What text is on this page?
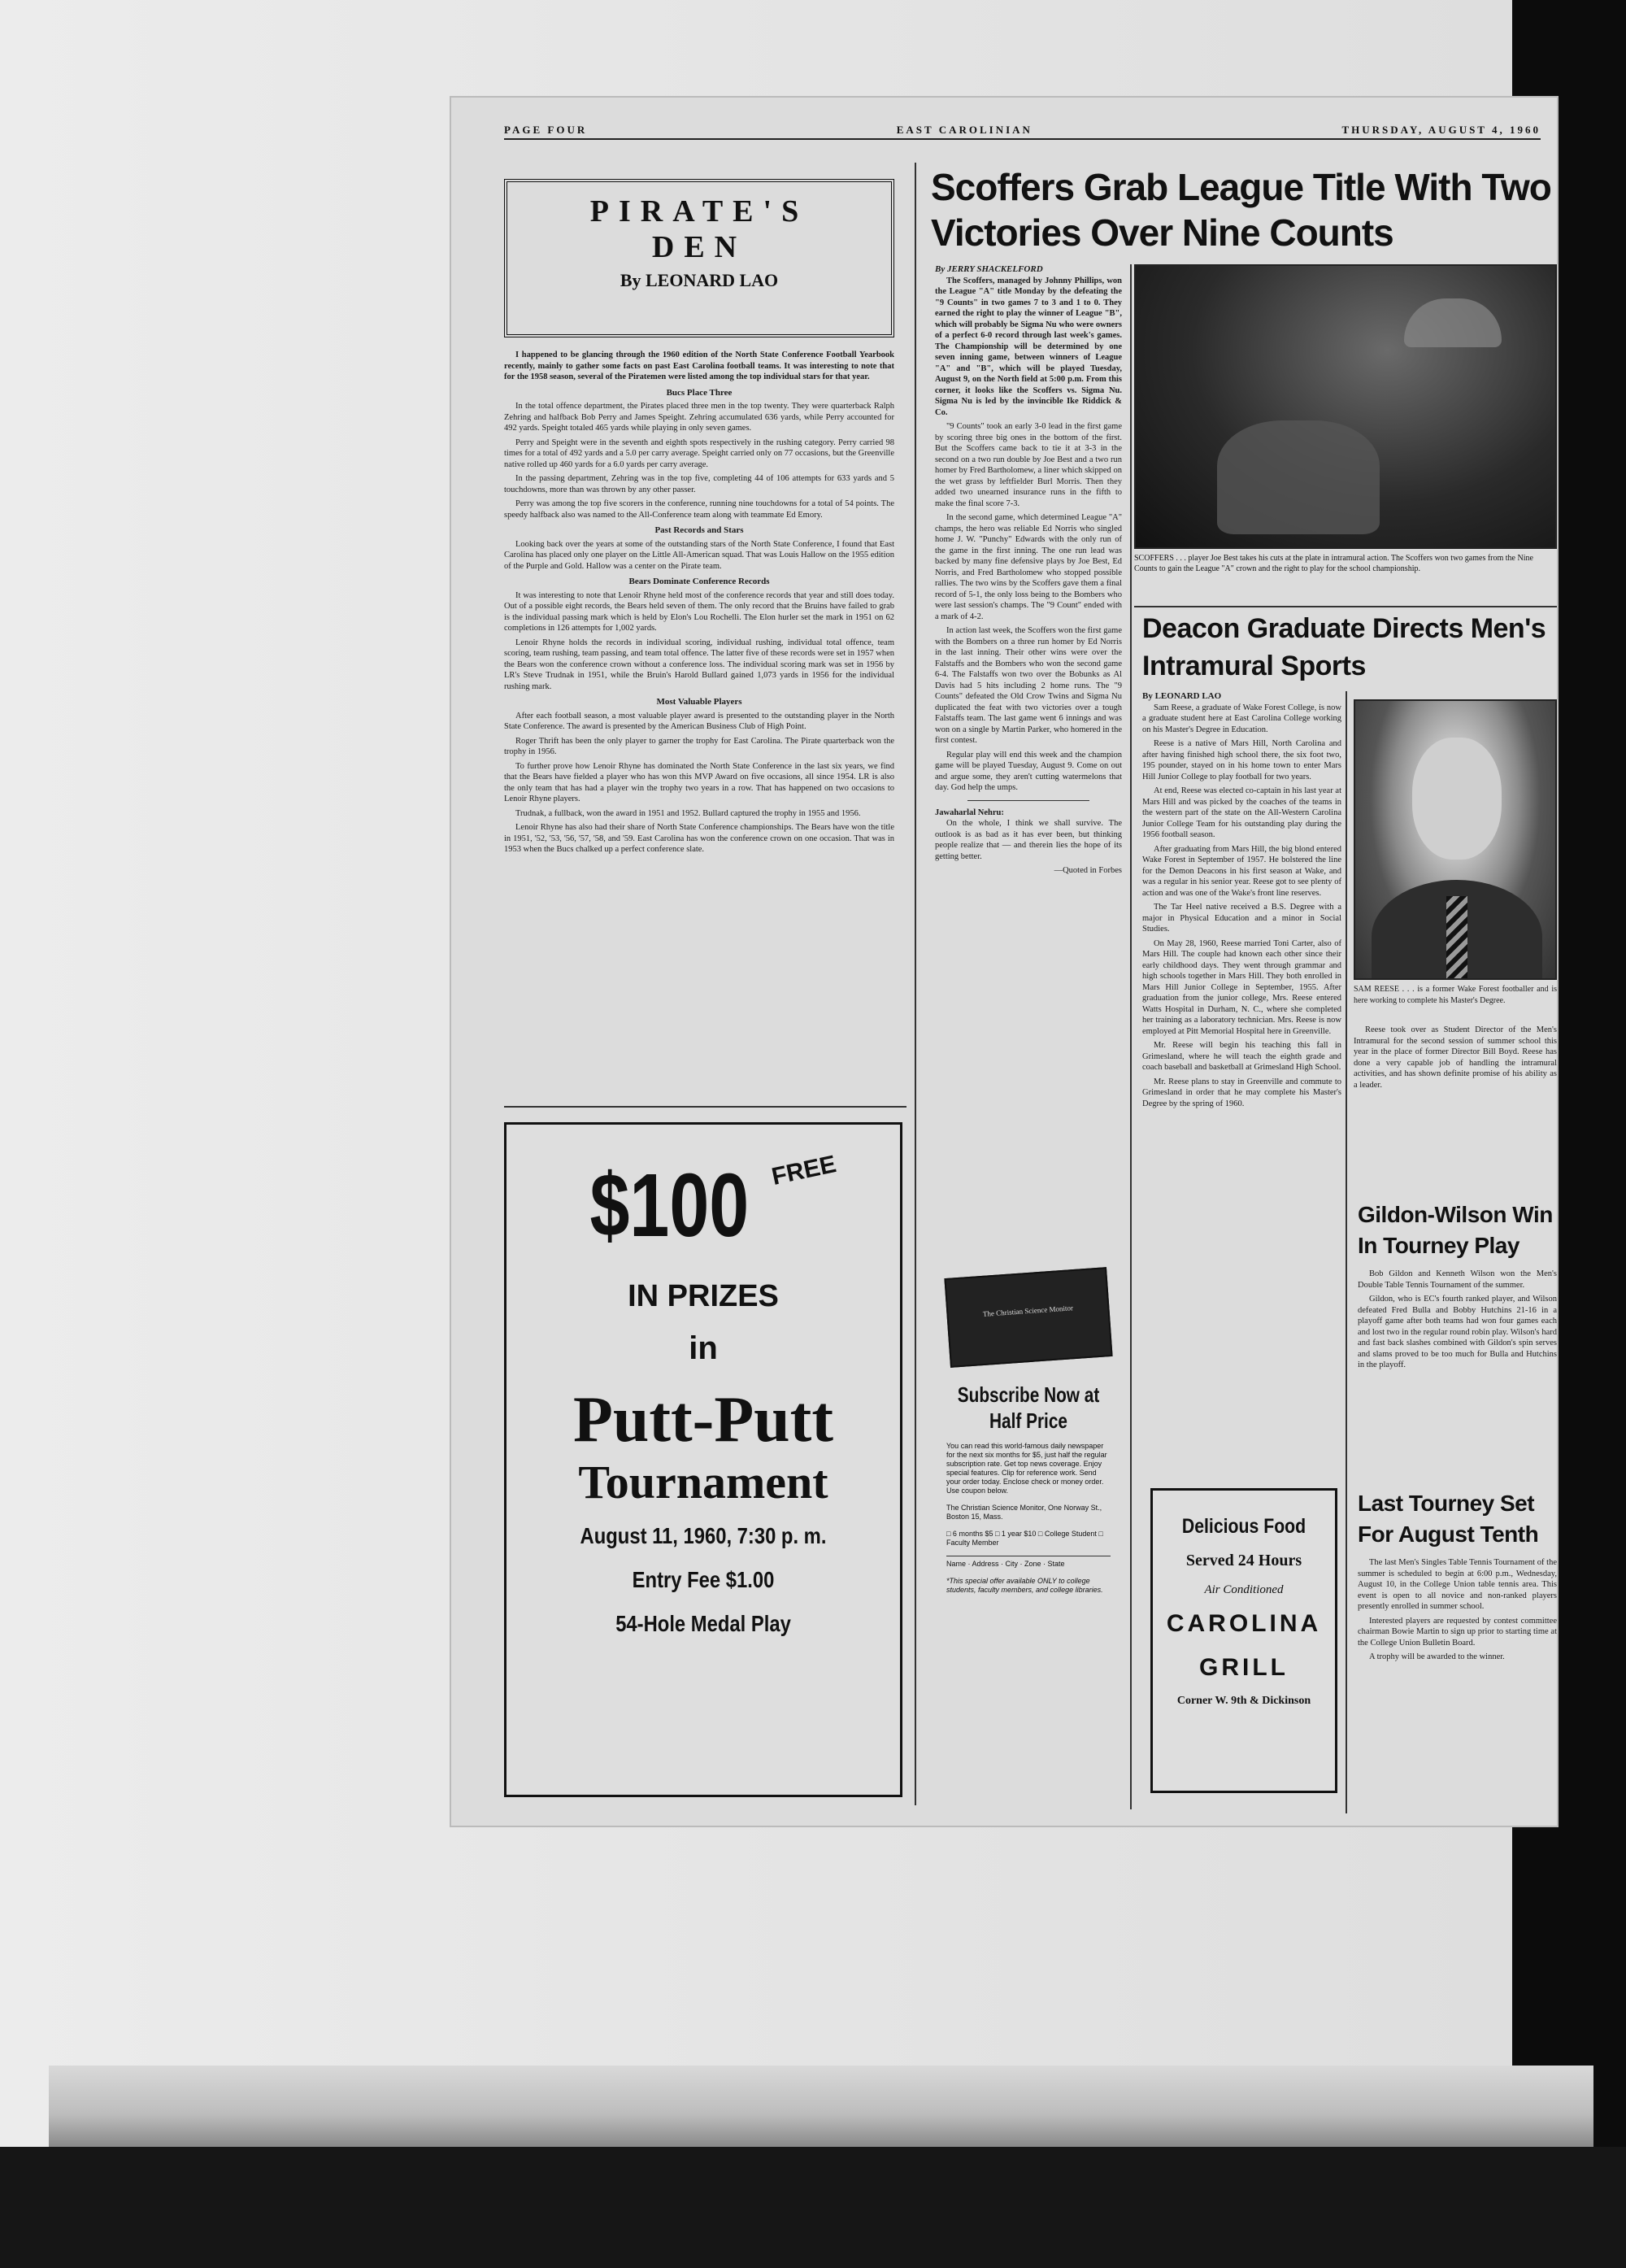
PAGE FOUR	EAST CAROLINIAN	THURSDAY, AUGUST 4, 1960
PIRATE'S
DEN
By LEONARD LAO

I happened to be glancing through the 1960 edition of the North State Conference Football Yearbook recently, mainly to gather some facts on past East Carolina football teams. It was interesting to note that for the 1958 season, several of the Piratemen were listed among the top individual stars for that year.

Bucs Place Three

In the total offence department, the Pirates placed three men in the top twenty. They were quarterback Ralph Zehring and halfback Bob Perry and James Speight. Zehring accumulated 636 yards, while Perry accounted for 492 yards. Speight totaled 465 yards while playing in only seven games.

Perry and Speight were in the seventh and eighth spots respectively in the rushing category. Perry carried 98 times for a total of 492 yards and a 5.0 per carry average. Speight carried only on 77 occasions, but the Greenville native rolled up 460 yards for a 6.0 yards per carry average.

In the passing department, Zehring was in the top five, completing 44 of 106 attempts for 633 yards and 5 touchdowns, more than was thrown by any other passer.

Perry was among the top five scorers in the conference, running nine touchdowns for a total of 54 points. The speedy halfback also was named to the All-Conference team along with teammate Ed Emory.

Past Records and Stars

Looking back over the years at some of the outstanding stars of the North State Conference, I found that East Carolina has placed only one player on the Little All-American squad. That was Louis Hallow on the 1955 edition of the Purple and Gold. Hallow was a center on the Pirate team.

Bears Dominate Conference Records

It was interesting to note that Lenoir Rhyne held most of the conference records that year and still does today. Out of a possible eight records, the Bears held seven of them. The only record that the Bruins have failed to grab is the individual passing mark which is held by Elon's Lou Rochelli. The Elon hurler set the mark in 1951 on 62 completions in 126 attempts for 1,002 yards.

Lenoir Rhyne holds the records in individual scoring, individual rushing, individual total offence, team scoring, team rushing, team passing, and team total offence. The latter five of these records were set in 1957 when the Bears won the conference crown without a conference loss. The individual scoring mark was set in 1956 by LR's Steve Trudnak in 1951, while the Bruin's Harold Bullard gained 1,073 yards in 1956 for the individual rushing mark.

Most Valuable Players

After each football season, a most valuable player award is presented to the outstanding player in the North State Conference. The award is presented by the American Business Club of High Point.

Roger Thrift has been the only player to garner the trophy for East Carolina. The Pirate quarterback won the trophy in 1956.

To further prove how Lenoir Rhyne has dominated the North State Conference in the last six years, we find that the Bears have fielded a player who has won this MVP Award on five occasions, all since 1954. LR is also the only team that has had a player win the trophy two years in a row. That has happened on two occasions to Lenoir Rhyne players.

Trudnak, a fullback, won the award in 1951 and 1952. Bullard captured the trophy in 1955 and 1956.

Lenoir Rhyne has also had their share of North State Conference championships. The Bears have won the title in 1951, '52, '53, '56, '57, '58, and '59. East Carolina has won the conference crown on one occasion. That was in 1953 when the Bucs chalked up a perfect conference slate.

Scoffers Grab League Title With Two Victories Over Nine Counts
By JERRY SHACKELFORD

The Scoffers, managed by Johnny Phillips, won the League "A" title Monday by the defeating the "9 Counts" in two games 7 to 3 and 1 to 0. They earned the right to play the winner of League "B", which will probably be Sigma Nu who were owners of a perfect 6-0 record through last week's games. The Championship will be determined by one seven inning game, between winners of League "A" and "B", which will be played Tuesday, August 9, on the North field at 5:00 p.m. From this corner, it looks like the Scoffers vs. Sigma Nu. Sigma Nu is led by the invincible Ike Riddick & Co.

"9 Counts" took an early 3-0 lead in the first game by scoring three big ones in the bottom of the first. But the Scoffers came back to tie it at 3-3 in the second on a two run double by Joe Best and a two run homer by Fred Bartholomew, a liner which skipped on the wet grass by leftfielder Burl Morris. Then they added two unearned insurance runs in the fifth to make the final score 7-3.

In the second game, which determined League "A" champs, the hero was reliable Ed Norris who singled home J. W. "Punchy" Edwards with the only run of the game in the first inning. The one run lead was backed by many fine defensive plays by Joe Best, Ed Norris, and Fred Bartholomew who stopped possible rallies. The two wins by the Scoffers gave them a final record of 5-1, the only loss being to the Bombers who were last session's champs. The "9 Count" ended with a mark of 4-2.

In action last week, the Scoffers won the first game with the Bombers on a three run homer by Ed Norris in the last inning. Their other wins were over the Falstaffs and the Bombers who won the second game 6-4. The Falstaffs won two over the Bobunks as Al Davis had 5 hits including 2 home runs. The "9 Counts" defeated the Old Crow Twins and Sigma Nu duplicated the feat with two victories over a tough Falstaffs team. The last game went 6 innings and was won on a single by Martin Parker, who homered in the first contest.

Regular play will end this week and the champion game will be played Tuesday, August 9. Come on out and argue some, they aren't cutting watermelons that day. God help the umps.

Jawaharlal Nehru:

On the whole, I think we shall survive. The outlook is as bad as it has ever been, but thinking people realize that — and therein lies the hope of its getting better.

—Quoted in Forbes
SCOFFERS . . . player Joe Best takes his cuts at the plate in intramural action. The Scoffers won two games from the Nine Counts to gain the League "A" crown and the right to play for the school championship.
Deacon Graduate Directs Men's Intramural Sports
By LEONARD LAO

Sam Reese, a graduate of Wake Forest College, is now a graduate student here at East Carolina College working on his Master's Degree in Education.

Reese is a native of Mars Hill, North Carolina and after having finished high school there, the six foot two, 195 pounder, stayed on in his home town to enter Mars Hill Junior College to play football for two years.

At end, Reese was elected co-captain in his last year at Mars Hill and was picked by the coaches of the teams in the western part of the state on the All-Western Carolina Junior College Team for his outstanding play during the 1956 football season.

After graduating from Mars Hill, the big blond entered Wake Forest in September of 1957. He bolstered the line for the Demon Deacons in his first season at Wake, and was a regular in his senior year. Reese got to see plenty of action and was one of the Wake's front line reserves.

The Tar Heel native received a B.S. Degree with a major in Physical Education and a minor in Social Studies.

On May 28, 1960, Reese married Toni Carter, also of Mars Hill. The couple had known each other since their early childhood days. They went through grammar and high schools together in Mars Hill. They both enrolled in Mars Hill Junior College in September, 1955. After graduation from the junior college, Mrs. Reese entered Watts Hospital in Durham, N. C., where she completed her training as a laboratory technician. Mrs. Reese is now employed at Pitt Memorial Hospital here in Greenville.

Mr. Reese will begin his teaching this fall in Grimesland, where he will teach the eighth grade and coach baseball and basketball at Grimesland High School.

Mr. Reese plans to stay in Greenville and commute to Grimesland in order that he may complete his Master's Degree by the spring of 1960.

SAM REESE . . . is a former Wake Forest footballer and is here working to complete his Master's Degree.

Reese took over as Student Director of the Men's Intramural for the second session of summer school this year in the place of former Director Bill Boyd. Reese has done a very capable job of handling the intramural activities, and has shown definite promise of his ability as a leader.

Gildon-Wilson Win In Tourney Play

Bob Gildon and Kenneth Wilson won the Men's Double Table Tennis Tournament of the summer.

Gildon, who is EC's fourth ranked player, and Wilson defeated Fred Bulla and Bobby Hutchins 21-16 in a playoff game after both teams had won four games each and lost two in the regular round robin play. Wilson's hard and fast back slashes combined with Gildon's spin serves and slams proved to be too much for Bulla and Hutchins in the playoff.

Last Tourney Set For August Tenth

The last Men's Singles Table Tennis Tournament of the summer is scheduled to begin at 6:00 p.m., Wednesday, August 10, in the College Union table tennis area. This event is open to all novice and non-ranked players presently enrolled in summer school.

Interested players are requested by contest committee chairman Bowie Martin to sign up prior to starting time at the College Union Bulletin Board.

A trophy will be awarded to the winner.

$100 FREE
IN PRIZES
in
Putt-Putt
Tournament
August 11, 1960, 7:30 p. m.
Entry Fee $1.00
54-Hole Medal Play
The Christian Science Monitor
Subscribe Now at Half Price
You can read this world-famous daily newspaper for the next six months for $5, just half the regular subscription rate. Get top news coverage. Enjoy special features. Clip for reference work. Send your order today. Enclose check or money order. Use coupon below.
The Christian Science Monitor, One Norway St., Boston 15, Mass.
□ 6 months $5 □ 1 year $10 □ College Student □ Faculty Member
Name · Address · City · Zone · State
*This special offer available ONLY to college students, faculty members, and college libraries.
Delicious Food
Served 24 Hours
Air Conditioned
CAROLINA
GRILL
Corner W. 9th & Dickinson
